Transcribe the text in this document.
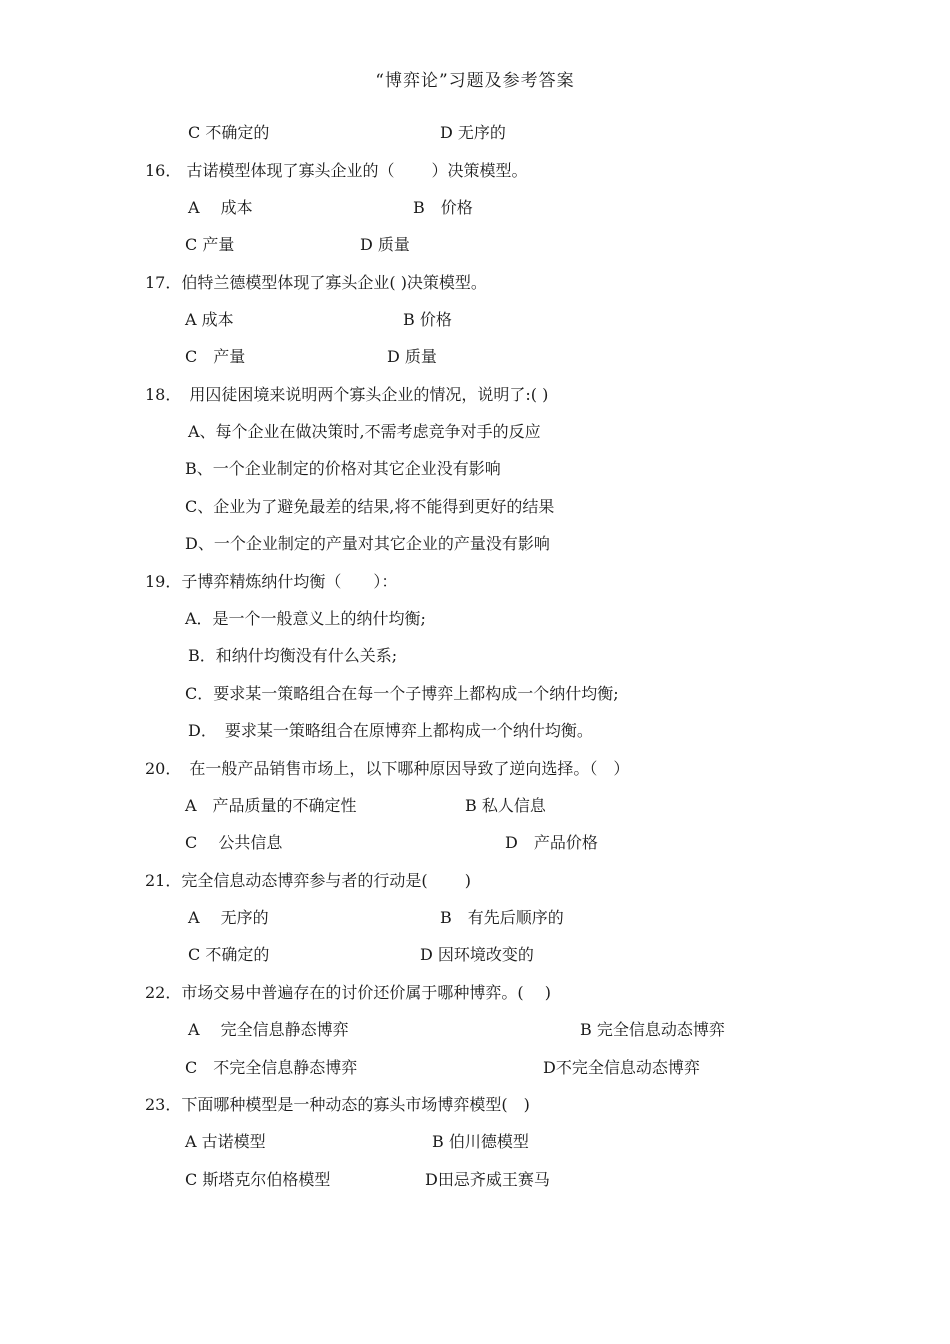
“博弈论”习题及参考答案
C 不确定的	D 无序的
16． 古诺模型体现了寡头企业的（　　 ）决策模型。
A　 成本	B　价格
C 产量	D 质量
17．伯特兰德模型体现了寡头企业( )决策模型。
A 成本	B 价格
C　产量	D 质量
18．　用囚徒困境来说明两个寡头企业的情况，说明了:( )
A、每个企业在做决策时,不需考虑竞争对手的反应
B、一个企业制定的价格对其它企业没有影响
C、企业为了避免最差的结果,将不能得到更好的结果
D、一个企业制定的产量对其它企业的产量没有影响
19．子博弈精炼纳什均衡（　　）：
A．是一个一般意义上的纳什均衡;
B．和纳什均衡没有什么关系;
C．要求某一策略组合在每一个子博弈上都构成一个纳什均衡;
D．　要求某一策略组合在原博弈上都构成一个纳什均衡。
20．　在一般产品销售市场上，以下哪种原因导致了逆向选择。（　）
A　产品质量的不确定性	B 私人信息
C　 公共信息	D　产品价格
21．完全信息动态博弈参与者的行动是(　　 )
A　 无序的	B　有先后顺序的
C 不确定的	D 因环境改变的
22．市场交易中普遍存在的讨价还价属于哪种博弈。(　 )
A　 完全信息静态博弈	B 完全信息动态博弈
C　不完全信息静态博弈	D不完全信息动态博弈
23．下面哪种模型是一种动态的寡头市场博弈模型(　)
A 古诺模型	B 伯川德模型
C 斯塔克尔伯格模型	D田忌齐威王赛马
